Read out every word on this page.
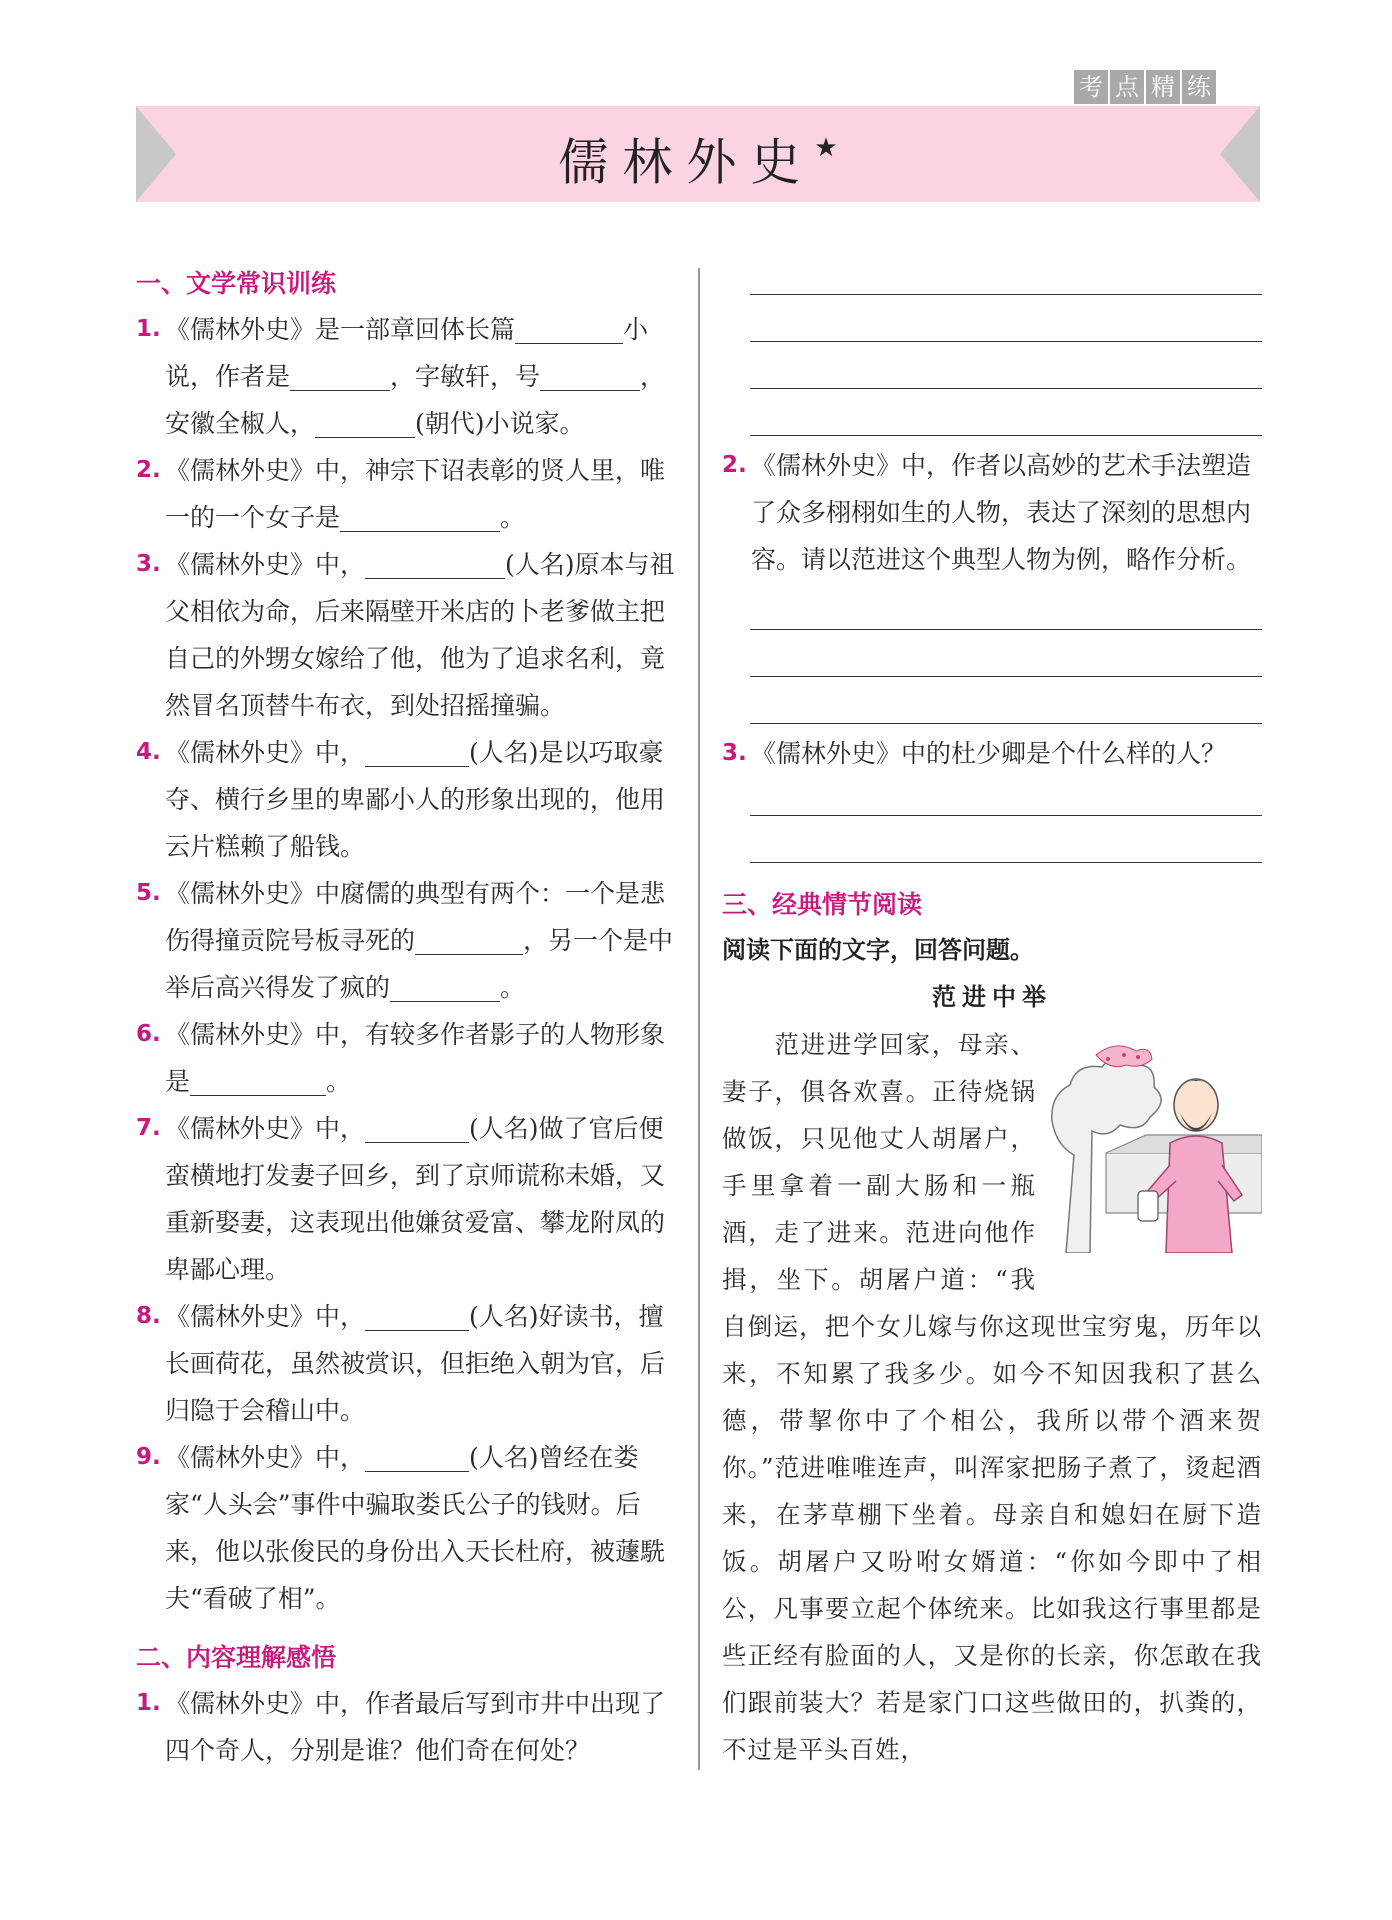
考 点 精 练
儒林外史★
一、文学常识训练
1. 《儒林外史》是一部章回体长篇	小说，作者是	，字敏轩，号	，安徽全椒人，	(朝代)小说家。
2. 《儒林外史》中，神宗下诏表彰的贤人里，唯一的一个女子是	。
3. 《儒林外史》中，	(人名)原本与祖父相依为命，后来隔壁开米店的卜老爹做主把自己的外甥女嫁给了他，他为了追求名利，竟然冒名顶替牛布衣，到处招摇撞骗。
4. 《儒林外史》中，	(人名)是以巧取豪夺、横行乡里的卑鄙小人的形象出现的，他用云片糕赖了船钱。
5. 《儒林外史》中腐儒的典型有两个：一个是悲伤得撞贡院号板寻死的	，另一个是中举后高兴得发了疯的	。
6. 《儒林外史》中，有较多作者影子的人物形象是	。
7. 《儒林外史》中，	(人名)做了官后便蛮横地打发妻子回乡，到了京师谎称未婚，又重新娶妻，这表现出他嫌贫爱富、攀龙附凤的卑鄙心理。
8. 《儒林外史》中，	(人名)好读书，擅长画荷花，虽然被赏识，但拒绝入朝为官，后归隐于会稽山中。
9. 《儒林外史》中，	(人名)曾经在娄家“人头会”事件中骗取娄氏公子的钱财。后来，他以张俊民的身份出入天长杜府，被蘧駪夫“看破了相”。
二、内容理解感悟
1. 《儒林外史》中，作者最后写到市井中出现了四个奇人，分别是谁？他们奇在何处？
2. 《儒林外史》中，作者以高妙的艺术手法塑造了众多栩栩如生的人物，表达了深刻的思想内容。请以范进这个典型人物为例，略作分析。
3. 《儒林外史》中的杜少卿是个什么样的人？
三、经典情节阅读
阅读下面的文字，回答问题。
范进中举
　　范进进学回家，母亲、妻子，俱各欢喜。正待烧锅做饭，只见他丈人胡屠户，手里拿着一副大肠和一瓶酒，走了进来。范进向他作揖，坐下。胡屠户道：“我自倒运，把个女儿嫁与你这现世宝穷鬼，历年以来，不知累了我多少。如今不知因我积了甚么德，带挈你中了个相公，我所以带个酒来贺你。”范进唯唯连声，叫浑家把肠子煮了，烫起酒来，在茅草棚下坐着。母亲自和媳妇在厨下造饭。胡屠户又吩咐女婿道：“你如今即中了相公，凡事要立起个体统来。比如我这行事里都是些正经有脸面的人，又是你的长亲，你怎敢在我们跟前装大？若是家门口这些做田的，扒粪的，不过是平头百姓，
